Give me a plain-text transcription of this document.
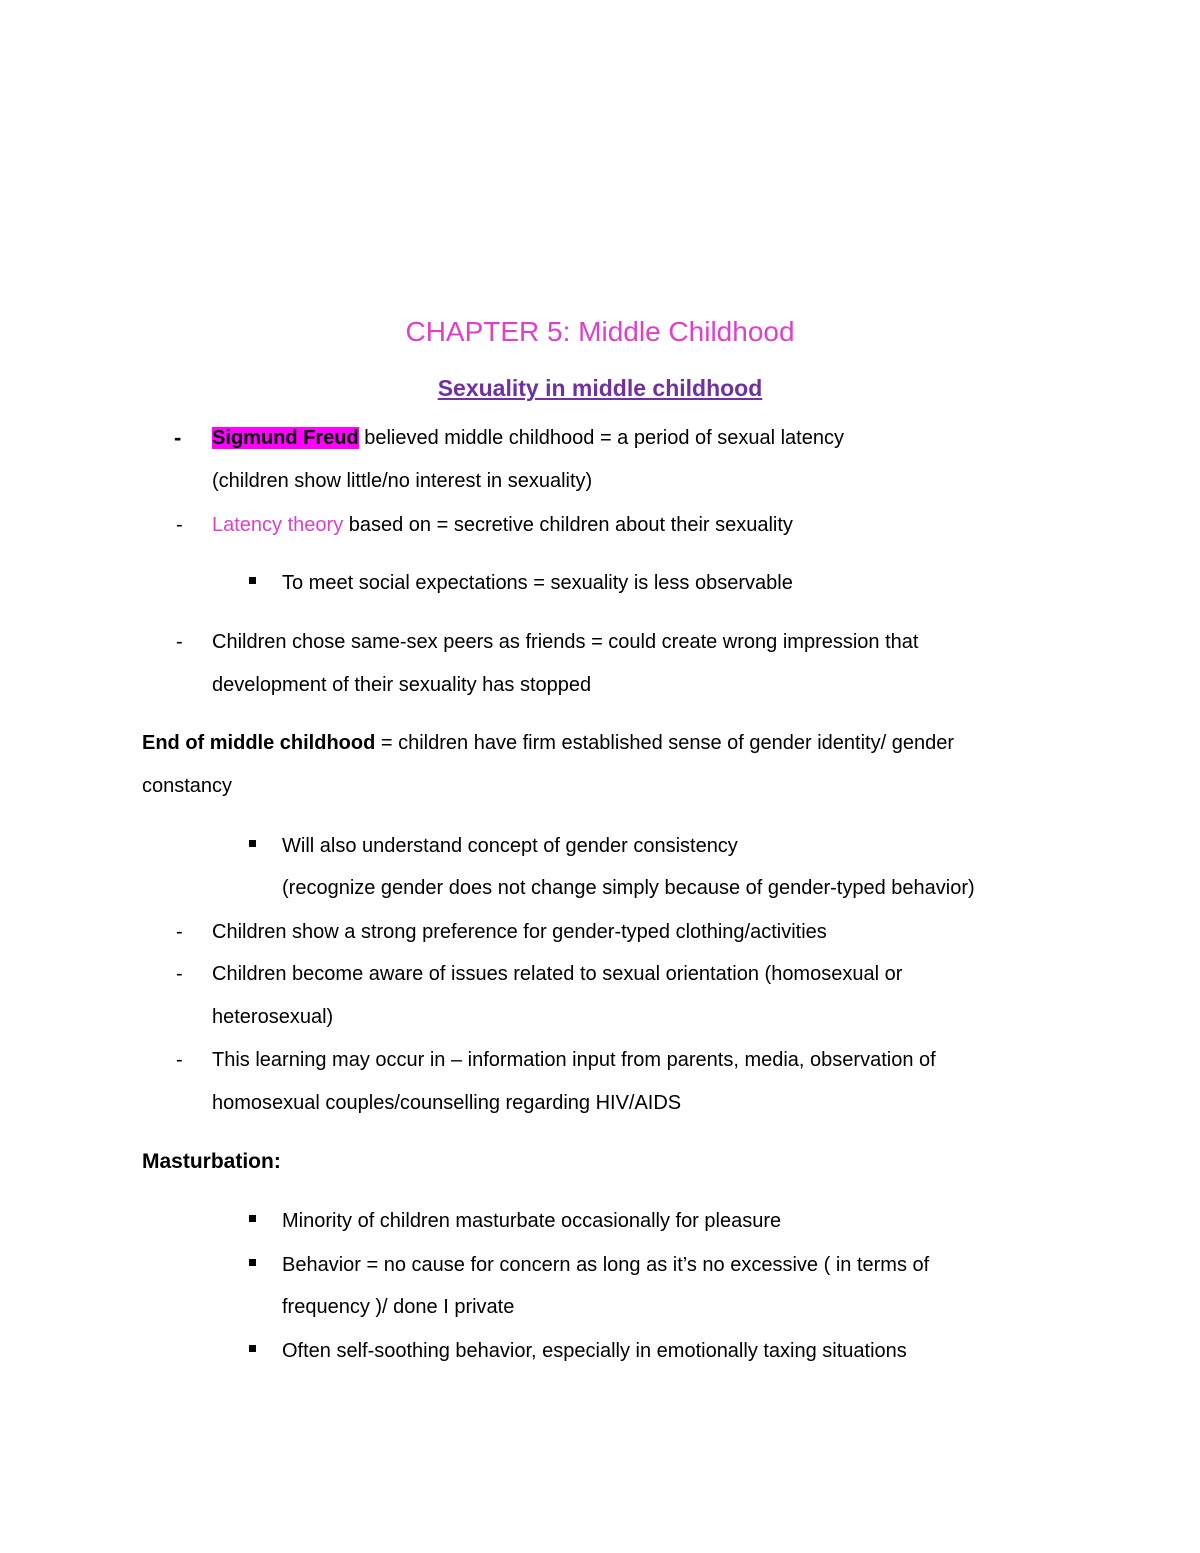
CHAPTER 5: Middle Childhood
Sexuality in middle childhood
- Sigmund Freud believed middle childhood = a period of sexual latency
(children show little/no interest in sexuality)
- Latency theory based on = secretive children about their sexuality
To meet social expectations = sexuality is less observable
- Children chose same-sex peers as friends = could create wrong impression that
development of their sexuality has stopped
End of middle childhood = children have firm established sense of gender identity/ gender
constancy
Will also understand concept of gender consistency
(recognize gender does not change simply because of gender-typed behavior)
- Children show a strong preference for gender-typed clothing/activities
- Children become aware of issues related to sexual orientation (homosexual or
heterosexual)
- This learning may occur in – information input from parents, media, observation of
homosexual couples/counselling regarding HIV/AIDS
Masturbation:
Minority of children masturbate occasionally for pleasure
Behavior = no cause for concern as long as it’s no excessive ( in terms of
frequency )/ done I private
Often self-soothing behavior, especially in emotionally taxing situations
